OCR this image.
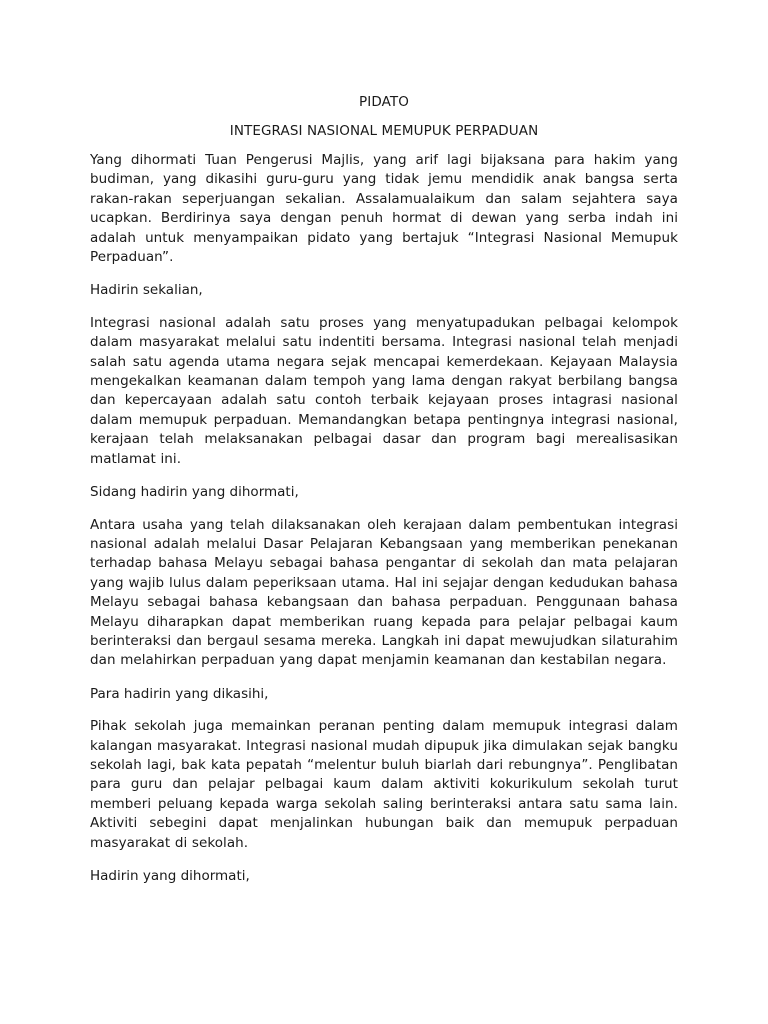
PIDATO
INTEGRASI NASIONAL MEMUPUK PERPADUAN

Yang dihormati Tuan Pengerusi Majlis, yang arif lagi bijaksana para hakim yang budiman, yang dikasihi guru-guru yang tidak jemu mendidik anak bangsa serta rakan-rakan seperjuangan sekalian. Assalamualaikum dan salam sejahtera saya ucapkan. Berdirinya saya dengan penuh hormat di dewan yang serba indah ini adalah untuk menyampaikan pidato yang bertajuk “Integrasi Nasional Memupuk Perpaduan”.

Hadirin sekalian,

Integrasi nasional adalah satu proses yang menyatupadukan pelbagai kelompok dalam masyarakat melalui satu indentiti bersama. Integrasi nasional telah menjadi salah satu agenda utama negara sejak mencapai kemerdekaan. Kejayaan Malaysia mengekalkan keamanan dalam tempoh yang lama dengan rakyat berbilang bangsa dan kepercayaan adalah satu contoh terbaik kejayaan proses intagrasi nasional dalam memupuk perpaduan. Memandangkan betapa pentingnya integrasi nasional, kerajaan telah melaksanakan pelbagai dasar dan program bagi merealisasikan matlamat ini.

Sidang hadirin yang dihormati,

Antara usaha yang telah dilaksanakan oleh kerajaan dalam pembentukan integrasi nasional adalah melalui Dasar Pelajaran Kebangsaan yang memberikan penekanan terhadap bahasa Melayu sebagai bahasa pengantar di sekolah dan mata pelajaran yang wajib lulus dalam peperiksaan utama. Hal ini sejajar dengan kedudukan bahasa Melayu sebagai bahasa kebangsaan dan bahasa perpaduan. Penggunaan bahasa Melayu diharapkan dapat memberikan ruang kepada para pelajar pelbagai kaum berinteraksi dan bergaul sesama mereka. Langkah ini dapat mewujudkan silaturahim dan melahirkan perpaduan yang dapat menjamin keamanan dan kestabilan negara.

Para hadirin yang dikasihi,

Pihak sekolah juga memainkan peranan penting dalam memupuk integrasi dalam kalangan masyarakat. Integrasi nasional mudah dipupuk jika dimulakan sejak bangku sekolah lagi, bak kata pepatah “melentur buluh biarlah dari rebungnya”. Penglibatan para guru dan pelajar pelbagai kaum dalam aktiviti kokurikulum sekolah turut memberi peluang kepada warga sekolah saling berinteraksi antara satu sama lain. Aktiviti sebegini dapat menjalinkan hubungan baik dan memupuk perpaduan masyarakat di sekolah.

Hadirin yang dihormati,
